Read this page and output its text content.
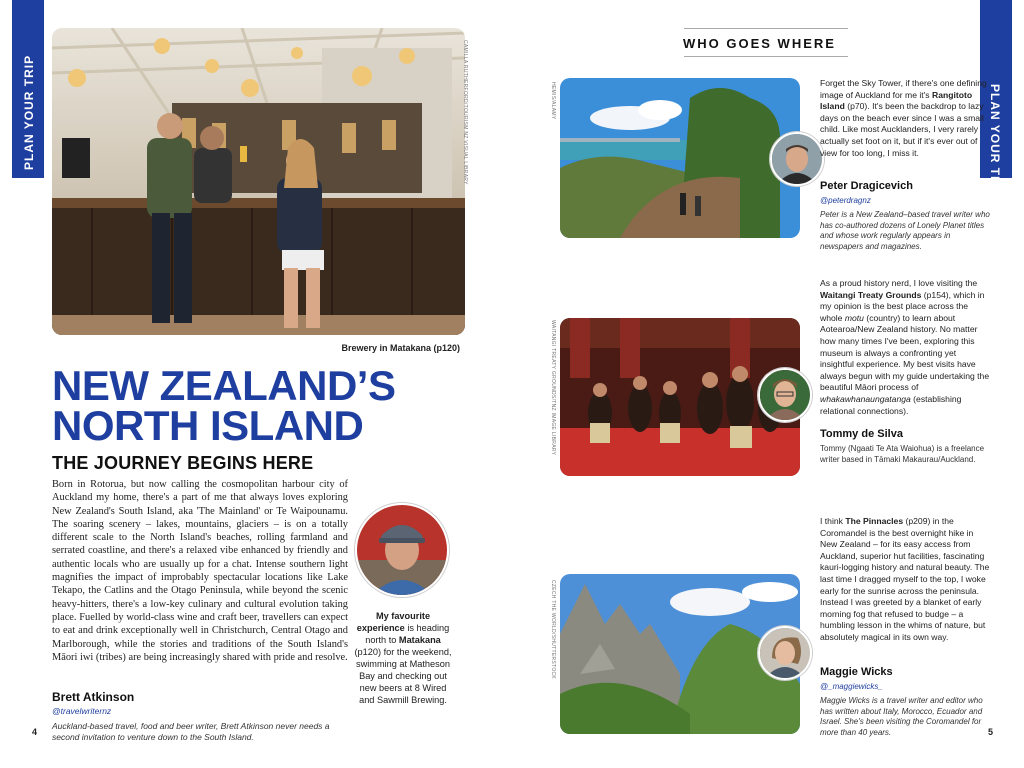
PLAN YOUR TRIP	CAMILLA RUTHERFORD/TOURISM NZ VISUAL LIBRARY
Brewery in Matakana (p120)
NEW ZEALAND’S
NORTH ISLAND
THE JOURNEY BEGINS HERE
Born in Rotorua, but now calling the cosmopolitan harbour city of Auckland my home, there's a part of me that always loves exploring New Zealand's South Island, aka 'The Mainland' or Te Waipounamu. The soaring scenery – lakes, mountains, glaciers – is on a totally different scale to the North Island's beaches, rolling farmland and serrated coastline, and there's a relaxed vibe enhanced by friendly and authentic locals who are usually up for a chat. Intense southern light magnifies the impact of improbably spectacular locations like Lake Tekapo, the Catlins and the Otago Peninsula, while beyond the scenic heavy-hitters, there's a low-key culinary and cultural evolution taking place. Fuelled by world-class wine and craft beer, travellers can expect to eat and drink exceptionally well in Christchurch, Central Otago and Marlborough, while the stories and traditions of the South Island's Māori iwi (tribes) are being increasingly shared with pride and resolve.
Brett Atkinson
@travelwriternz
Auckland-based travel, food and beer writer, Brett Atkinson never needs a second invitation to venture down to the South Island.
My favourite experience is heading north to Matakana (p120) for the weekend, swimming at Matheson Bay and checking out new beers at 8 Wired and Sawmill Brewing.
4
PLAN YOUR TRIP
WHO GOES WHERE
HEMIS/ALAMY	Forget the Sky Tower, if there's one defining image of Auckland for me it's Rangitoto Island (p70). It's been the backdrop to lazy days on the beach ever since I was a small child. Like most Aucklanders, I very rarely actually set foot on it, but if it's ever out of view for too long, I miss it.
Peter Dragicevich
@peterdragnz
Peter is a New Zealand–based travel writer who has co-authored dozens of Lonely Planet titles and whose work regularly appears in newspapers and magazines.
WAITANGI TREATY GROUNDS/TNZ IMAGE LIBRARY
As a proud history nerd, I love visiting the Waitangi Treaty Grounds (p154), which in my opinion is the best place across the whole motu (country) to learn about Aotearoa/New Zealand history. No matter how many times I've been, exploring this museum is always a confronting yet insightful experience. My best visits have always begun with my guide undertaking the beautiful Māori process of whakawhanaungatanga (establishing relational connections).
Tommy de Silva
Tommy (Ngaati Te Ata Waiohua) is a freelance writer based in Tāmaki Makaurau/Auckland.
CZECH THE WORLD/SHUTTERSTOCK
I think The Pinnacles (p209) in the Coromandel is the best overnight hike in New Zealand – for its easy access from Auckland, superior hut facilities, fascinating kauri-logging history and natural beauty. The last time I dragged myself to the top, I woke early for the sunrise across the peninsula. Instead I was greeted by a blanket of early morning fog that refused to budge – a humbling lesson in the whims of nature, but absolutely magical in its own way.
Maggie Wicks
@_maggiewicks_
Maggie Wicks is a travel writer and editor who has written about Italy, Morocco, Ecuador and Israel. She's been visiting the Coromandel for more than 40 years.	5
